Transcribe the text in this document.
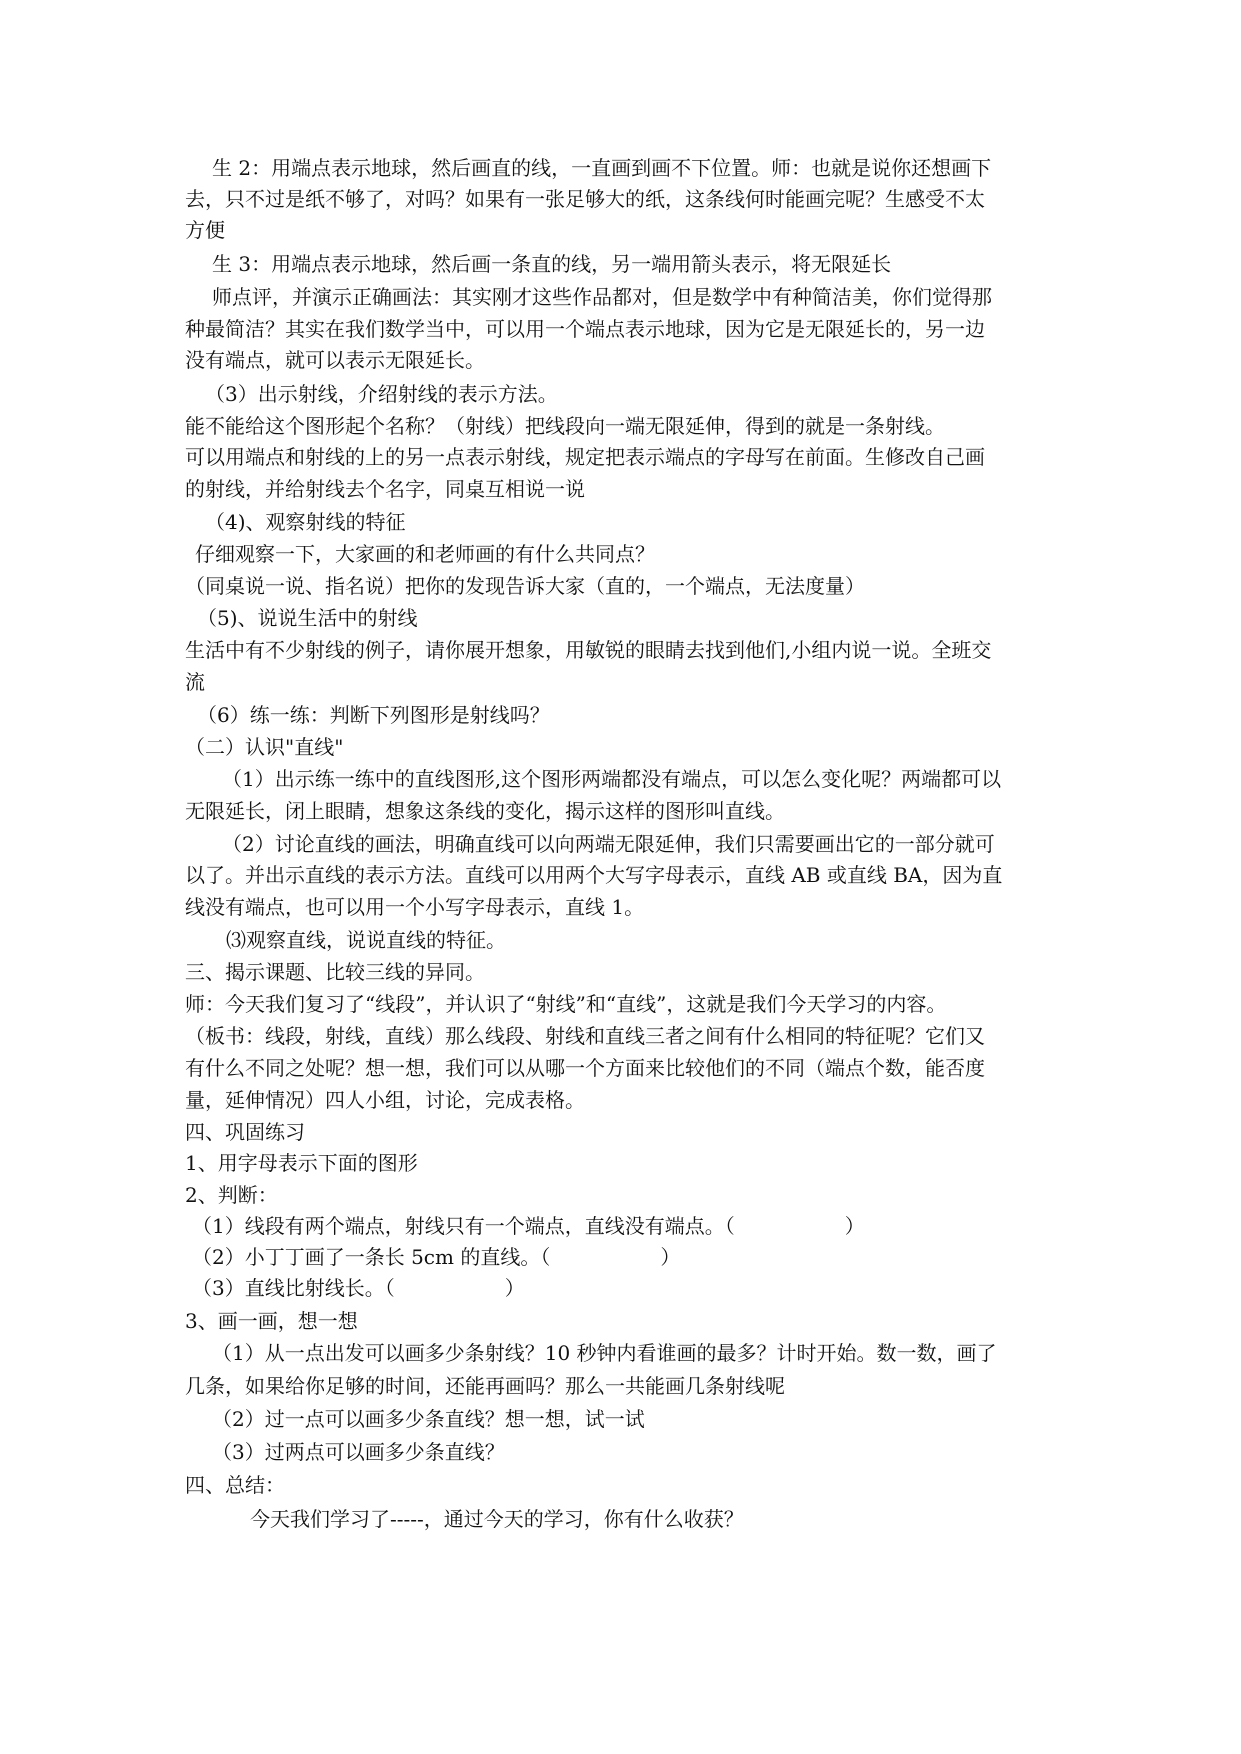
生 2：用端点表示地球，然后画直的线，一直画到画不下位置。师：也就是说你还想画下
去，只不过是纸不够了，对吗？如果有一张足够大的纸，这条线何时能画完呢？生感受不太
方便
生 3：用端点表示地球，然后画一条直的线，另一端用箭头表示，将无限延长
师点评，并演示正确画法：其实刚才这些作品都对，但是数学中有种简洁美，你们觉得那
种最简洁？其实在我们数学当中，可以用一个端点表示地球，因为它是无限延长的，另一边
没有端点，就可以表示无限延长。
（3）出示射线，介绍射线的表示方法。
能不能给这个图形起个名称？（射线）把线段向一端无限延伸，得到的就是一条射线。
可以用端点和射线的上的另一点表示射线，规定把表示端点的字母写在前面。生修改自己画
的射线，并给射线去个名字，同桌互相说一说
（4)、观察射线的特征
仔细观察一下，大家画的和老师画的有什么共同点？
（同桌说一说、指名说）把你的发现告诉大家（直的，一个端点，无法度量）
（5)、说说生活中的射线
生活中有不少射线的例子，请你展开想象，用敏锐的眼睛去找到他们,小组内说一说。全班交
流
（6）练一练：判断下列图形是射线吗？
（二）认识"直线"
（1）出示练一练中的直线图形,这个图形两端都没有端点，可以怎么变化呢？两端都可以
无限延长，闭上眼睛，想象这条线的变化，揭示这样的图形叫直线。
（2）讨论直线的画法，明确直线可以向两端无限延伸，我们只需要画出它的一部分就可
以了。并出示直线的表示方法。直线可以用两个大写字母表示，直线 AB 或直线 BA，因为直
线没有端点，也可以用一个小写字母表示，直线 1。
⑶观察直线，说说直线的特征。
三、揭示课题、比较三线的异同。
师：今天我们复习了“线段”，并认识了“射线”和“直线”，这就是我们今天学习的内容。
（板书：线段，射线，直线）那么线段、射线和直线三者之间有什么相同的特征呢？它们又
有什么不同之处呢？想一想，我们可以从哪一个方面来比较他们的不同（端点个数，能否度
量，延伸情况）四人小组，讨论，完成表格。
四、巩固练习
1、用字母表示下面的图形
2、判断：
（1）线段有两个端点，射线只有一个端点，直线没有端点。（	）
（2）小丁丁画了一条长 5cm 的直线。（	）
（3）直线比射线长。（	）
3、画一画，想一想
（1）从一点出发可以画多少条射线？10 秒钟内看谁画的最多？计时开始。数一数，画了
几条，如果给你足够的时间，还能再画吗？那么一共能画几条射线呢
（2）过一点可以画多少条直线？想一想，试一试
（3）过两点可以画多少条直线？
四、总结：
今天我们学习了-----，通过今天的学习，你有什么收获？
